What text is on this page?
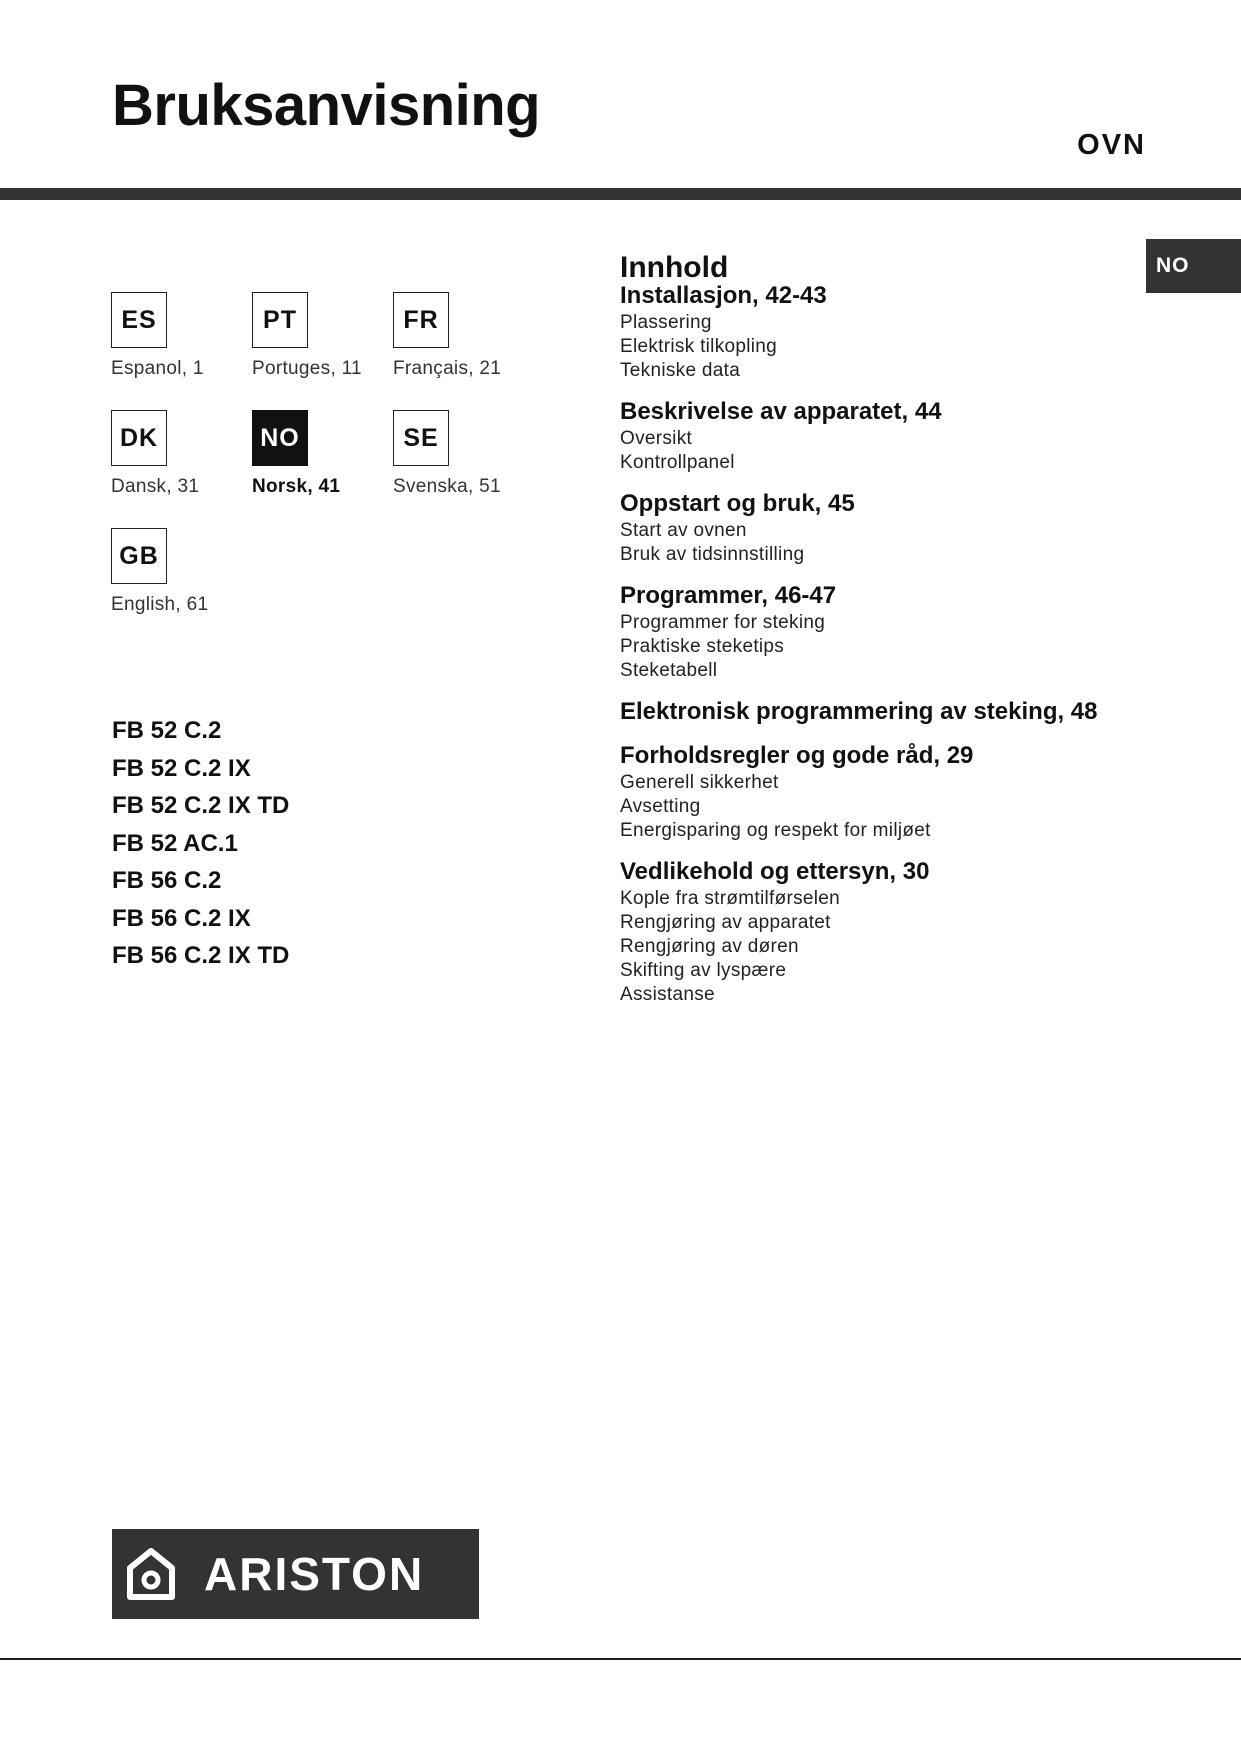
Bruksanvisning
OVN
NO
ES
Espanol, 1
PT
Portuges, 11
FR
Français, 21
DK
Dansk, 31
NO
Norsk, 41
SE
Svenska, 51
GB
English, 61
FB 52 C.2
FB 52 C.2 IX
FB 52 C.2 IX TD
FB 52 AC.1
FB 56 C.2
FB 56 C.2 IX
FB 56 C.2 IX TD
Innhold
Installasjon, 42-43
Plassering
Elektrisk tilkopling
Tekniske data
Beskrivelse av apparatet, 44
Oversikt
Kontrollpanel
Oppstart og bruk, 45
Start av ovnen
Bruk av tidsinnstilling
Programmer, 46-47
Programmer for steking
Praktiske steketips
Steketabell
Elektronisk programmering av steking, 48
Forholdsregler og gode råd, 29
Generell sikkerhet
Avsetting
Energisparing og respekt for miljøet
Vedlikehold og ettersyn, 30
Kople fra strømtilførselen
Rengjøring av apparatet
Rengjøring av døren
Skifting av lyspære
Assistanse
ARISTON
